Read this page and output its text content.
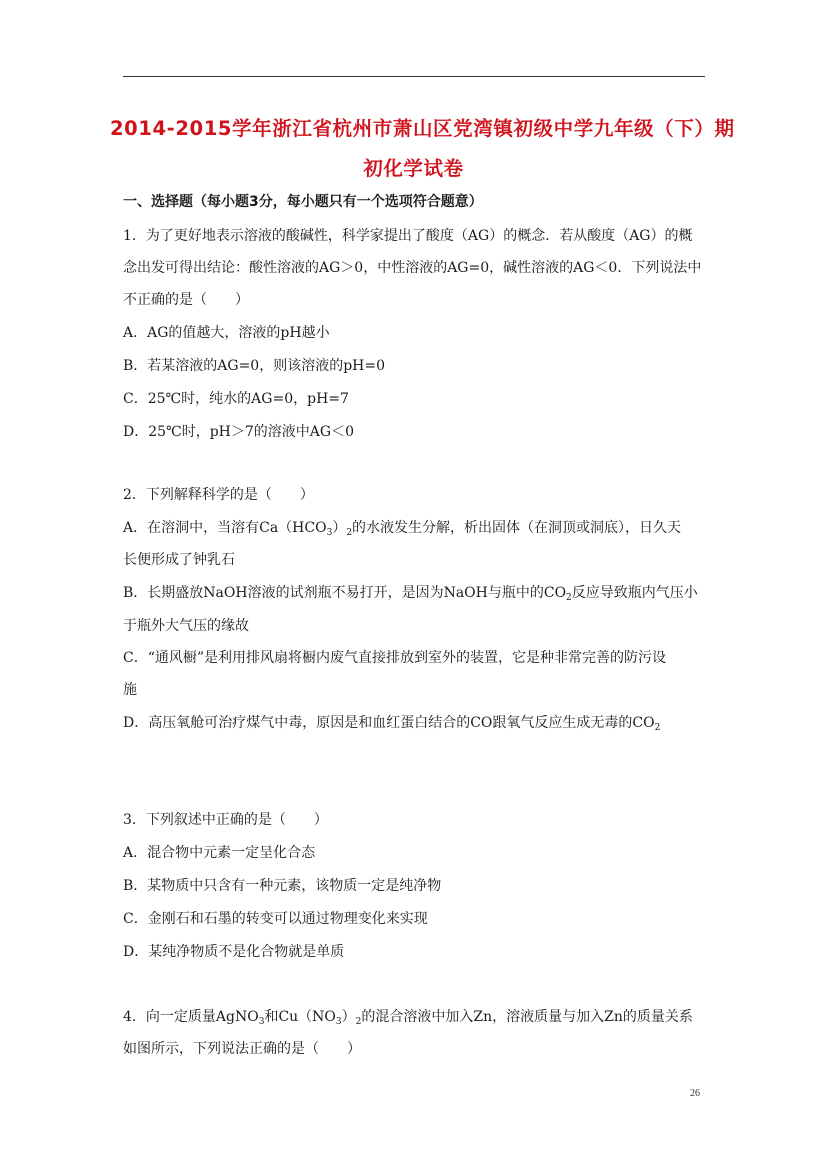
2014-2015学年浙江省杭州市萧山区党湾镇初级中学九年级（下）期
初化学试卷
一、选择题（每小题3分，每小题只有一个选项符合题意）
1．为了更好地表示溶液的酸碱性，科学家提出了酸度（AG）的概念．若从酸度（AG）的概
念出发可得出结论：酸性溶液的AG＞0，中性溶液的AG=0，碱性溶液的AG＜0．下列说法中
不正确的是（　　）
A．AG的值越大，溶液的pH越小
B．若某溶液的AG=0，则该溶液的pH=0
C．25℃时，纯水的AG=0，pH=7
D．25℃时，pH＞7的溶液中AG＜0
2．下列解释科学的是（　　）
A．在溶洞中，当溶有$Ca(HCO_3)_2$的水液发生分解，析出固体（在洞顶或洞底），日久天
长便形成了钟乳石
B．长期盛放NaOH溶液的试剂瓶不易打开，是因为NaOH与瓶中的$CO_2$反应导致瓶内气压小
于瓶外大气压的缘故
C．“通风橱”是利用排风扇将橱内废气直接排放到室外的装置，它是种非常完善的防污设
施
D．高压氧舱可治疗煤气中毒，原因是和血红蛋白结合的CO跟氧气反应生成无毒的$CO_2$
3．下列叙述中正确的是（　　）
A．混合物中元素一定呈化合态
B．某物质中只含有一种元素，该物质一定是纯净物
C．金刚石和石墨的转变可以通过物理变化来实现
D．某纯净物质不是化合物就是单质
4．向一定质量AgNO$_3$和$Cu(NO_3)_2$的混合溶液中加入Zn，溶液质量与加入Zn的质量关系
如图所示，下列说法正确的是（　　）
26
